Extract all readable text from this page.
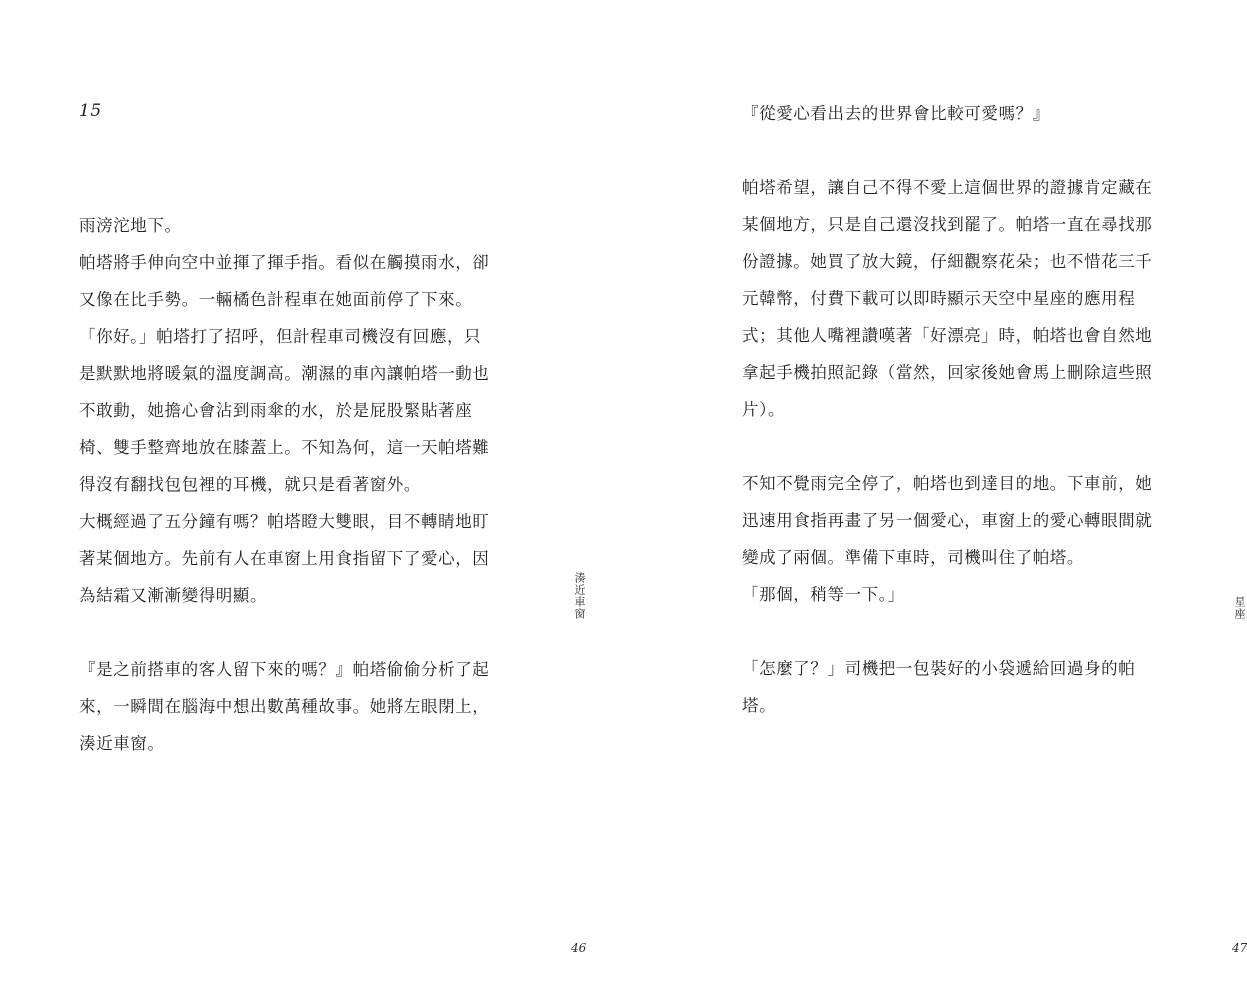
15

雨滂沱地下。

帕塔將手伸向空中並揮了揮手指。看似在觸摸雨水，卻

又像在比手勢。一輛橘色計程車在她面前停了下來。

「你好。」帕塔打了招呼，但計程車司機沒有回應，只

是默默地將暖氣的溫度調高。潮濕的車內讓帕塔一動也

不敢動，她擔心會沾到雨傘的水，於是屁股緊貼著座

椅、雙手整齊地放在膝蓋上。不知為何，這一天帕塔難

得沒有翻找包包裡的耳機，就只是看著窗外。

大概經過了五分鐘有嗎？帕塔瞪大雙眼，目不轉睛地盯

著某個地方。先前有人在車窗上用食指留下了愛心，因

為結霜又漸漸變得明顯。

『是之前搭車的客人留下來的嗎？』帕塔偷偷分析了起

來，一瞬間在腦海中想出數萬種故事。她將左眼閉上，

湊近車窗。

湊近車窗
46

『從愛心看出去的世界會比較可愛嗎？』

帕塔希望，讓自己不得不愛上這個世界的證據肯定藏在

某個地方，只是自己還沒找到罷了。帕塔一直在尋找那

份證據。她買了放大鏡，仔細觀察花朵；也不惜花三千

元韓幣，付費下載可以即時顯示天空中星座的應用程

式；其他人嘴裡讚嘆著「好漂亮」時，帕塔也會自然地

拿起手機拍照記錄（當然，回家後她會馬上刪除這些照

片）。

不知不覺雨完全停了，帕塔也到達目的地。下車前，她

迅速用食指再畫了另一個愛心，車窗上的愛心轉眼間就

變成了兩個。準備下車時，司機叫住了帕塔。

「那個，稍等一下。」

「怎麼了？」司機把一包裝好的小袋遞給回過身的帕

塔。

星座
47
